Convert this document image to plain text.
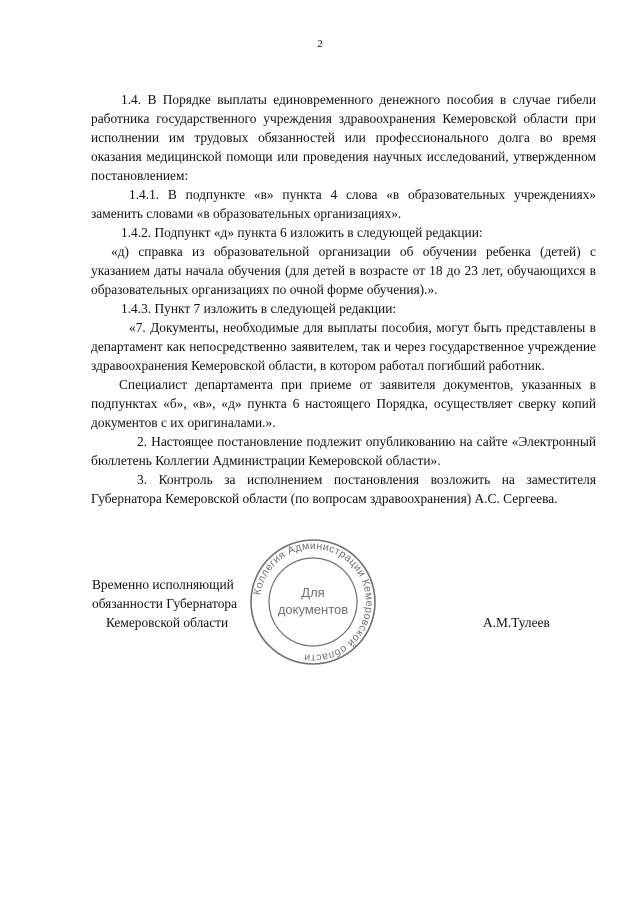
2

1.4. В Порядке выплаты единовременного денежного пособия в случае гибели работника государственного учреждения здравоохранения Кемеровской области при исполнении им трудовых обязанностей или профессионального долга во время оказания медицинской помощи или проведения научных исследований, утвержденном постановлением:

1.4.1. В подпункте «в» пункта 4 слова «в образовательных учреждениях» заменить словами «в образовательных организациях».

1.4.2. Подпункт «д» пункта 6 изложить в следующей редакции:

«д) справка из образовательной организации об обучении ребенка (детей) с указанием даты начала обучения (для детей в возрасте от 18 до 23 лет, обучающихся в образовательных организациях по очной форме обучения).».

1.4.3. Пункт 7 изложить в следующей редакции:

«7. Документы, необходимые для выплаты пособия, могут быть представлены в департамент как непосредственно заявителем, так и через государственное учреждение здравоохранения Кемеровской области, в котором работал погибший работник.

Специалист департамента при приеме от заявителя документов, указанных в подпунктах «б», «в», «д» пункта 6 настоящего Порядка, осуществляет сверку копий документов с их оригиналами.».

2. Настоящее постановление подлежит опубликованию на сайте «Электронный бюллетень Коллегии Администрации Кемеровской области».

3. Контроль за исполнением постановления возложить на заместителя Губернатора Кемеровской области (по вопросам здравоохранения) А.С. Сергеева.

Временно исполняющий
обязанности Губернатора
Кемеровской области	А.М.Тулеев
Коллегия Администрации Кемеровской области
Для
документов
